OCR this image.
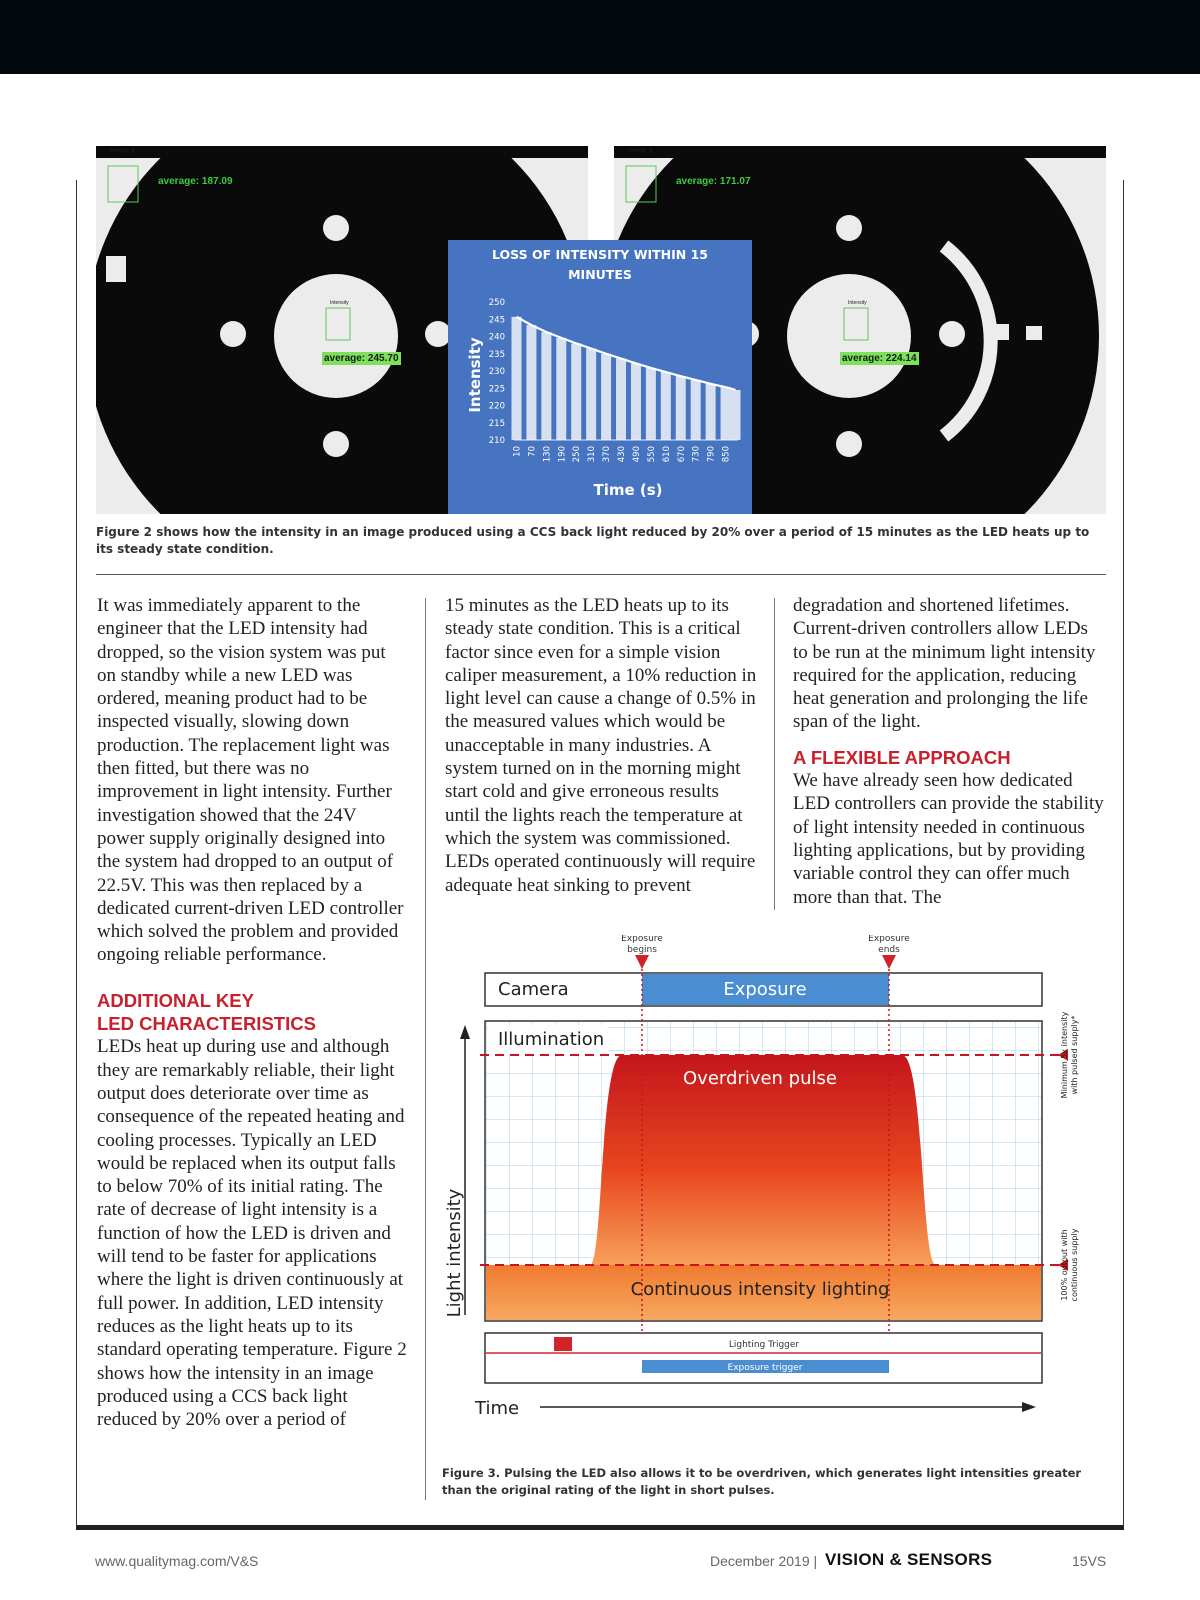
Intensity_A
average: 187.09
Intensity
average: 245.70
Intensity_A
average: 171.07
Intensity
average: 224.14
LOSS OF INTENSITY WITHIN 15
MINUTES
Intensity
Time (s)
210
215
220
225
230
235
240
245
250
10 70 130 190 250 310 370 430 490 550 610 670 730 790 850
Figure 2 shows how the intensity in an image produced using a CCS back light reduced by 20% over a period of 15 minutes as the LED heats up to its steady state condition.

It was immediately apparent to the engineer that the LED intensity had dropped, so the vision system was put on standby while a new LED was ordered, meaning product had to be inspected visually, slowing down production. The replacement light was then fitted, but there was no improvement in light intensity. Further investigation showed that the 24V power supply originally designed into the system had dropped to an output of 22.5V. This was then replaced by a dedicated current-driven LED controller which solved the problem and provided ongoing reliable performance.

ADDITIONAL KEY
LED CHARACTERISTICS

LEDs heat up during use and although they are remarkably reliable, their light output does deteriorate over time as consequence of the repeated heating and cooling processes. Typically an LED would be replaced when its output falls to below 70% of its initial rating. The rate of decrease of light intensity is a function of how the LED is driven and will tend to be faster for applications where the light is driven continuously at full power. In addition, LED intensity reduces as the light heats up to its standard operating temperature. Figure 2 shows how the intensity in an image produced using a CCS back light reduced by 20% over a period of

15 minutes as the LED heats up to its steady state condition. This is a critical factor since even for a simple vision caliper measurement, a 10% reduction in light level can cause a change of 0.5% in the measured values which would be unacceptable in many industries. A system turned on in the morning might start cold and give erroneous results until the lights reach the temperature at which the system was commissioned. LEDs operated continuously will require adequate heat sinking to prevent

degradation and shortened lifetimes. Current-driven controllers allow LEDs to be run at the minimum light intensity required for the application, reducing heat generation and prolonging the life span of the light.

A FLEXIBLE APPROACH

We have already seen how dedicated LED controllers can provide the stability of light intensity needed in continuous lighting applications, but by providing variable control they can offer much more than that. The

Exposure
begins
Exposure
ends
Camera	Exposure
Illumination
Overdriven pulse
Continuous intensity lighting
Light intensity
Minimum 5x intensity with pulsed supply*
100% output with continuous supply
Lighting Trigger
Exposure trigger
Time
Figure 3. Pulsing the LED also allows it to be overdriven, which generates light intensities greater than the original rating of the light in short pulses.
www.qualitymag.com/V&S	December 2019 | VISION & SENSORS	15VS
